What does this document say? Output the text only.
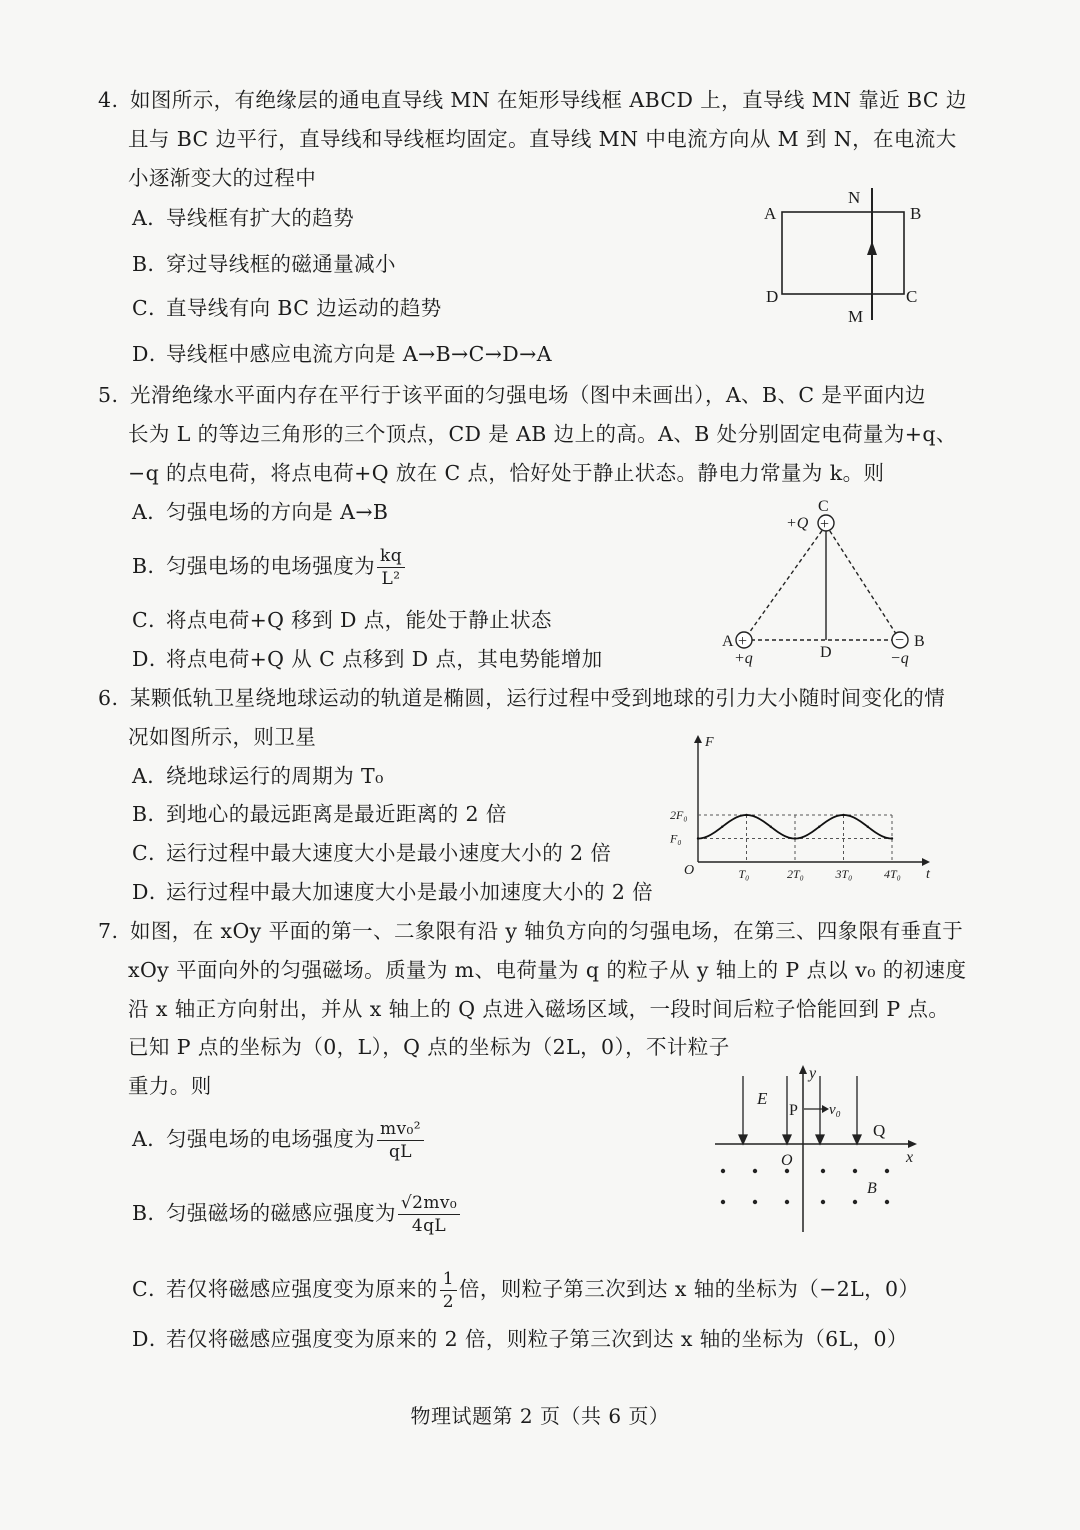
4. 如图所示，有绝缘层的通电直导线 MN 在矩形导线框 ABCD 上，直导线 MN 靠近 BC 边
且与 BC 边平行，直导线和导线框均固定。直导线 MN 中电流方向从 M 到 N，在电流大
小逐渐变大的过程中
A．导线框有扩大的趋势
B．穿过导线框的磁通量减小
C．直导线有向 BC 边运动的趋势
D．导线框中感应电流方向是 A→B→C→D→A
N
A	B
D	C
M
5. 光滑绝缘水平面内存在平行于该平面的匀强电场（图中未画出），A、B、C 是平面内边
长为 L 的等边三角形的三个顶点，CD 是 AB 边上的高。A、B 处分别固定电荷量为+q、
−q 的点电荷，将点电荷+Q 放在 C 点，恰好处于静止状态。静电力常量为 k。则
A．匀强电场的方向是 A→B
B．匀强电场的电场强度为 $\frac{kq}{\text{L²}}$
C．将点电荷+Q 移到 D 点，能处于静止状态
D．将点电荷+Q 从 C 点移到 D 点，其电势能增加
+
+	−
C
+Q
A
+q	D
B
−q
6. 某颗低轨卫星绕地球运动的轨道是椭圆，运行过程中受到地球的引力大小随时间变化的情
况如图所示，则卫星
A．绕地球运行的周期为 T₀
B．到地心的最远距离是最近距离的 2 倍
C．运行过程中最大速度大小是最小速度大小的 2 倍
D．运行过程中最大加速度大小是最小加速度大小的 2 倍
F
t
O	T₀	2T₀	3T₀	4T₀
F₀
2F₀
7. 如图，在 xOy 平面的第一、二象限有沿 y 轴负方向的匀强电场，在第三、四象限有垂直于
xOy 平面向外的匀强磁场。质量为 m、电荷量为 q 的粒子从 y 轴上的 P 点以 v₀ 的初速度
沿 x 轴正方向射出，并从 x 轴上的 Q 点进入磁场区域，一段时间后粒子恰能回到 P 点。
已知 P 点的坐标为（0，L），Q 点的坐标为（2L，0），不计粒子
重力。则
A．匀强电场的电场强度为 $\frac{\text{mv₀²}}{qL}$
B．匀强磁场的磁感应强度为 $\frac{\text{√2mv₀}}{4qL}$
C．若仅将磁感应强度变为原来的 $\frac{1}{2}$ 倍，则粒子第三次到达 x 轴的坐标为（−2L，0）
D．若仅将磁感应强度变为原来的 2 倍，则粒子第三次到达 x 轴的坐标为（6L，0）
E
y
P v₀
Q
x
O
B
物理试题第 2 页（共 6 页）
